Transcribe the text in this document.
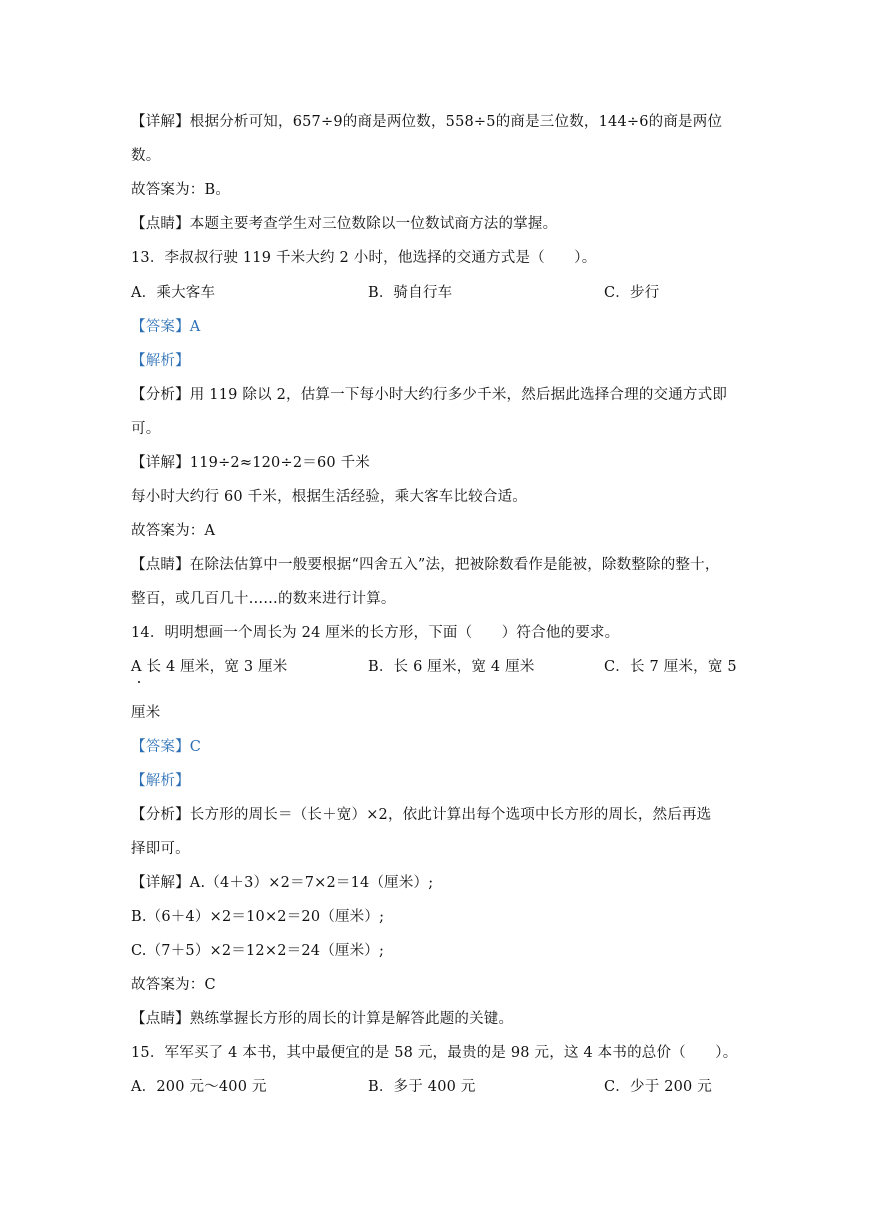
【详解】根据分析可知，657÷9的商是两位数，558÷5的商是三位数，144÷6的商是两位
数。
故答案为：B。
【点睛】本题主要考查学生对三位数除以一位数试商方法的掌握。
13．李叔叔行驶 119 千米大约 2 小时，他选择的交通方式是（　　）。
A．乘大客车	B．骑自行车	C．步行
【答案】A
【解析】
【分析】用 119 除以 2，估算一下每小时大约行多少千米，然后据此选择合理的交通方式即
可。
【详解】119÷2≈120÷2＝60 千米
每小时大约行 60 千米，根据生活经验，乘大客车比较合适。
故答案为：A
【点睛】在除法估算中一般要根据“四舍五入”法，把被除数看作是能被，除数整除的整十，
整百，或几百几十……的数来进行计算。
14．明明想画一个周长为 24 厘米的长方形，下面（　　）符合他的要求。
A 长 4 厘米，宽 3 厘米	B．长 6 厘米，宽 4 厘米	C．长 7 厘米，宽 5
厘米
【答案】C
【解析】
【分析】长方形的周长＝（长＋宽）×2，依此计算出每个选项中长方形的周长，然后再选
择即可。
【详解】A.（4＋3）×2＝7×2＝14（厘米）;
B.（6＋4）×2＝10×2＝20（厘米）;
C.（7＋5）×2＝12×2＝24（厘米）;
故答案为：C
【点睛】熟练掌握长方形的周长的计算是解答此题的关键。
15．军军买了 4 本书，其中最便宜的是 58 元，最贵的是 98 元，这 4 本书的总价（　　）。
A．200 元～400 元	B．多于 400 元	C．少于 200 元
